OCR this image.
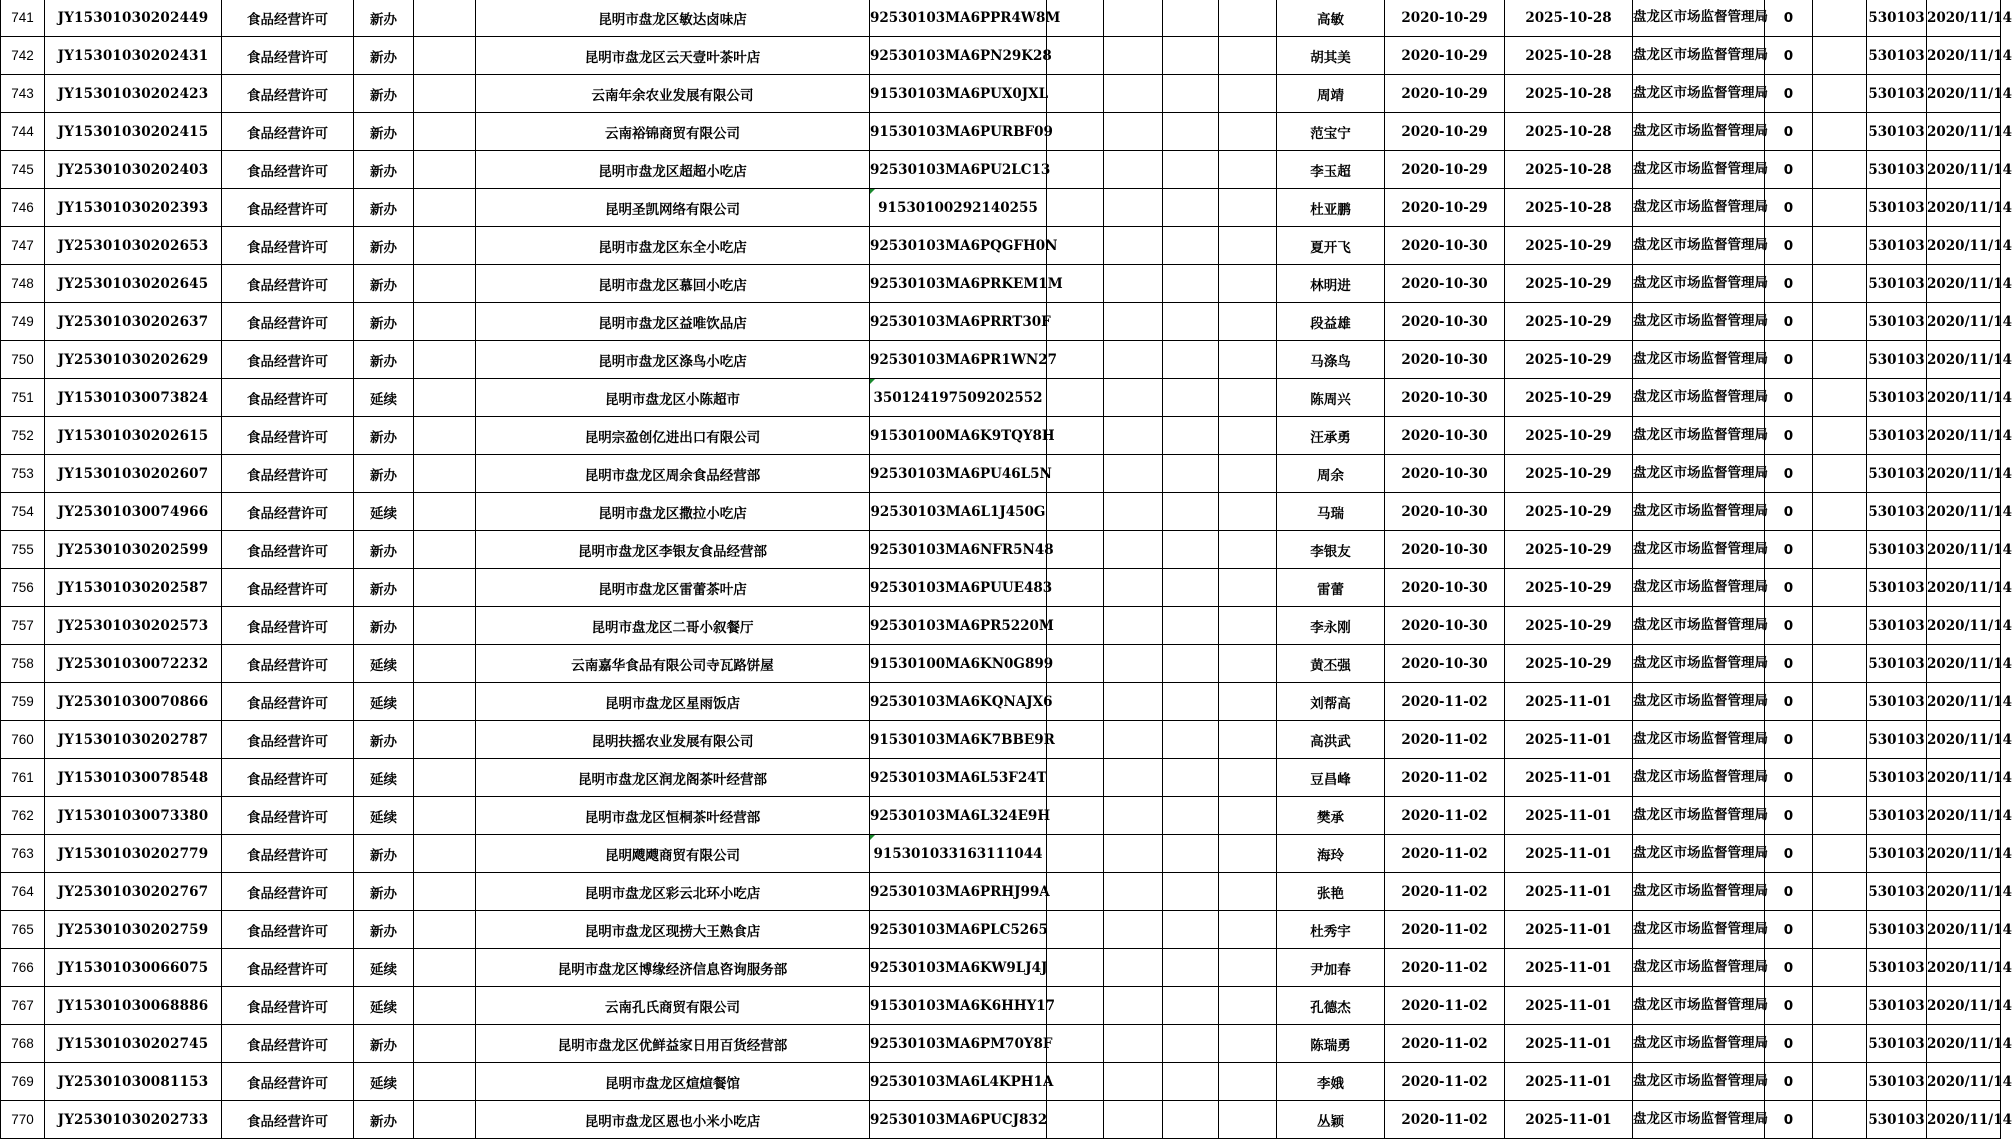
741	JY15301030202449	食品经营许可	新办		昆明市盘龙区敏达卤味店	92530103MA6PPR4W8M					高敏	2020-10-29	2025-10-28	盘龙区市场监督管理局	0		530103	2020/11/14
742	JY15301030202431	食品经营许可	新办		昆明市盘龙区云天壹叶茶叶店	92530103MA6PN29K28					胡其美	2020-10-29	2025-10-28	盘龙区市场监督管理局	0		530103	2020/11/14
743	JY15301030202423	食品经营许可	新办		云南年余农业发展有限公司	91530103MA6PUX0JXL					周靖	2020-10-29	2025-10-28	盘龙区市场监督管理局	0		530103	2020/11/14
744	JY15301030202415	食品经营许可	新办		云南裕锦商贸有限公司	91530103MA6PURBF09					范宝宁	2020-10-29	2025-10-28	盘龙区市场监督管理局	0		530103	2020/11/14
745	JY25301030202403	食品经营许可	新办		昆明市盘龙区超超小吃店	92530103MA6PU2LC13					李玉超	2020-10-29	2025-10-28	盘龙区市场监督管理局	0		530103	2020/11/14
746	JY15301030202393	食品经营许可	新办		昆明圣凯网络有限公司	91530100292140255					杜亚鹏	2020-10-29	2025-10-28	盘龙区市场监督管理局	0		530103	2020/11/14
747	JY25301030202653	食品经营许可	新办		昆明市盘龙区东全小吃店	92530103MA6PQGFH0N					夏开飞	2020-10-30	2025-10-29	盘龙区市场监督管理局	0		530103	2020/11/14
748	JY25301030202645	食品经营许可	新办		昆明市盘龙区慕回小吃店	92530103MA6PRKEM1M					林明进	2020-10-30	2025-10-29	盘龙区市场监督管理局	0		530103	2020/11/14
749	JY25301030202637	食品经营许可	新办		昆明市盘龙区益唯饮品店	92530103MA6PRRT30F					段益雄	2020-10-30	2025-10-29	盘龙区市场监督管理局	0		530103	2020/11/14
750	JY25301030202629	食品经营许可	新办		昆明市盘龙区涤鸟小吃店	92530103MA6PR1WN27					马涤鸟	2020-10-30	2025-10-29	盘龙区市场监督管理局	0		530103	2020/11/14
751	JY15301030073824	食品经营许可	延续		昆明市盘龙区小陈超市	350124197509202552					陈周兴	2020-10-30	2025-10-29	盘龙区市场监督管理局	0		530103	2020/11/14
752	JY15301030202615	食品经营许可	新办		昆明宗盈创亿进出口有限公司	91530100MA6K9TQY8H					汪承勇	2020-10-30	2025-10-29	盘龙区市场监督管理局	0		530103	2020/11/14
753	JY15301030202607	食品经营许可	新办		昆明市盘龙区周余食品经营部	92530103MA6PU46L5N					周余	2020-10-30	2025-10-29	盘龙区市场监督管理局	0		530103	2020/11/14
754	JY25301030074966	食品经营许可	延续		昆明市盘龙区撒拉小吃店	92530103MA6L1J450G					马瑞	2020-10-30	2025-10-29	盘龙区市场监督管理局	0		530103	2020/11/14
755	JY25301030202599	食品经营许可	新办		昆明市盘龙区李银友食品经营部	92530103MA6NFR5N48					李银友	2020-10-30	2025-10-29	盘龙区市场监督管理局	0		530103	2020/11/14
756	JY15301030202587	食品经营许可	新办		昆明市盘龙区雷蕾茶叶店	92530103MA6PUUE483					雷蕾	2020-10-30	2025-10-29	盘龙区市场监督管理局	0		530103	2020/11/14
757	JY25301030202573	食品经营许可	新办		昆明市盘龙区二哥小叙餐厅	92530103MA6PR5220M					李永刚	2020-10-30	2025-10-29	盘龙区市场监督管理局	0		530103	2020/11/14
758	JY25301030072232	食品经营许可	延续		云南嘉华食品有限公司寺瓦路饼屋	91530100MA6KN0G899					黄丕强	2020-10-30	2025-10-29	盘龙区市场监督管理局	0		530103	2020/11/14
759	JY25301030070866	食品经营许可	延续		昆明市盘龙区星雨饭店	92530103MA6KQNAJX6					刘帮高	2020-11-02	2025-11-01	盘龙区市场监督管理局	0		530103	2020/11/14
760	JY15301030202787	食品经营许可	新办		昆明扶摇农业发展有限公司	91530103MA6K7BBE9R					高洪武	2020-11-02	2025-11-01	盘龙区市场监督管理局	0		530103	2020/11/14
761	JY15301030078548	食品经营许可	延续		昆明市盘龙区润龙阁茶叶经营部	92530103MA6L53F24T					豆昌峰	2020-11-02	2025-11-01	盘龙区市场监督管理局	0		530103	2020/11/14
762	JY15301030073380	食品经营许可	延续		昆明市盘龙区恒桐茶叶经营部	92530103MA6L324E9H					樊承	2020-11-02	2025-11-01	盘龙区市场监督管理局	0		530103	2020/11/14
763	JY15301030202779	食品经营许可	新办		昆明飕飕商贸有限公司	915301033163111044					海玲	2020-11-02	2025-11-01	盘龙区市场监督管理局	0		530103	2020/11/14
764	JY25301030202767	食品经营许可	新办		昆明市盘龙区彩云北环小吃店	92530103MA6PRHJ99A					张艳	2020-11-02	2025-11-01	盘龙区市场监督管理局	0		530103	2020/11/14
765	JY25301030202759	食品经营许可	新办		昆明市盘龙区现捞大王熟食店	92530103MA6PLC5265					杜秀宇	2020-11-02	2025-11-01	盘龙区市场监督管理局	0		530103	2020/11/14
766	JY15301030066075	食品经营许可	延续		昆明市盘龙区博缘经济信息咨询服务部	92530103MA6KW9LJ4J					尹加春	2020-11-02	2025-11-01	盘龙区市场监督管理局	0		530103	2020/11/14
767	JY15301030068886	食品经营许可	延续		云南孔氏商贸有限公司	91530103MA6K6HHY17					孔德杰	2020-11-02	2025-11-01	盘龙区市场监督管理局	0		530103	2020/11/14
768	JY15301030202745	食品经营许可	新办		昆明市盘龙区优鲜益家日用百货经营部	92530103MA6PM70Y8F					陈瑞勇	2020-11-02	2025-11-01	盘龙区市场监督管理局	0		530103	2020/11/14
769	JY25301030081153	食品经营许可	延续		昆明市盘龙区煊煊餐馆	92530103MA6L4KPH1A					李娥	2020-11-02	2025-11-01	盘龙区市场监督管理局	0		530103	2020/11/14
770	JY25301030202733	食品经营许可	新办		昆明市盘龙区恩也小米小吃店	92530103MA6PUCJ832					丛颖	2020-11-02	2025-11-01	盘龙区市场监督管理局	0		530103	2020/11/14
